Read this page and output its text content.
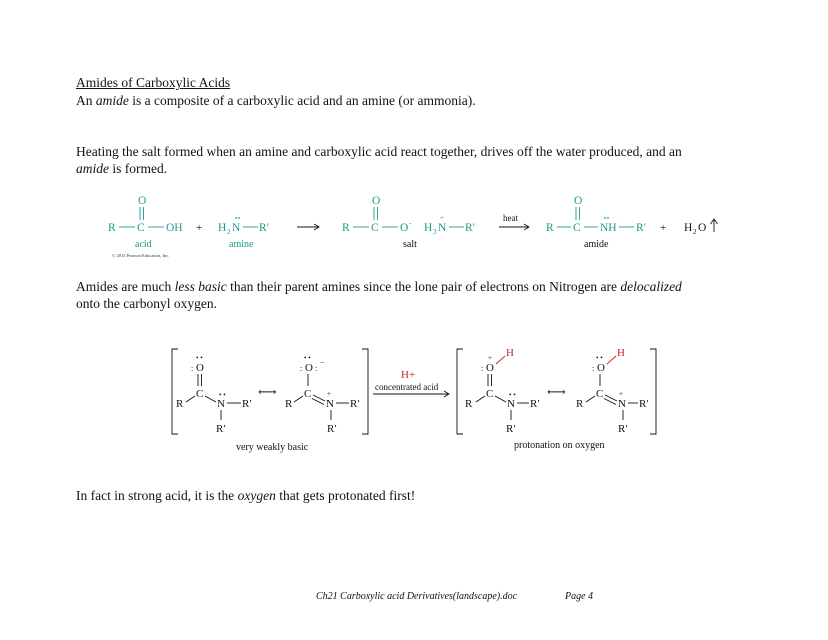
Amides of Carboxylic Acids
An amide is a composite of a carboxylic acid and an amine (or ammonia).
Heating the salt formed when an amine and carboxylic acid react together, drives off the water produced, and an
amide is formed.
O
R C OH
acid
© 2013 Pearson Education, Inc.
+ H 2 N R′
amine
O
R C O - H 3 N
+
R′
salt
heat
O
R C NH R′
amide
+ H 2 O
Amides are much less basic than their parent amines since the lone pair of electrons on Nitrogen are delocalized
onto the carbonyl oxygen.
O
• •
:
C
R	N
• •
R′
R′
⟷
O
• •
: :
−
C
R	N
+
R′
R′
very weakly basic
H+
concentrated acid
O
:
+ H
C
R	N
• •
R′
R′
⟷
O
• •
:
H
C
R	N
+
R′
R′
protonation on oxygen
In fact in strong acid, it is the oxygen that gets protonated first!
Ch21 Carboxylic acid Derivatives(landscape).doc	Page 4
